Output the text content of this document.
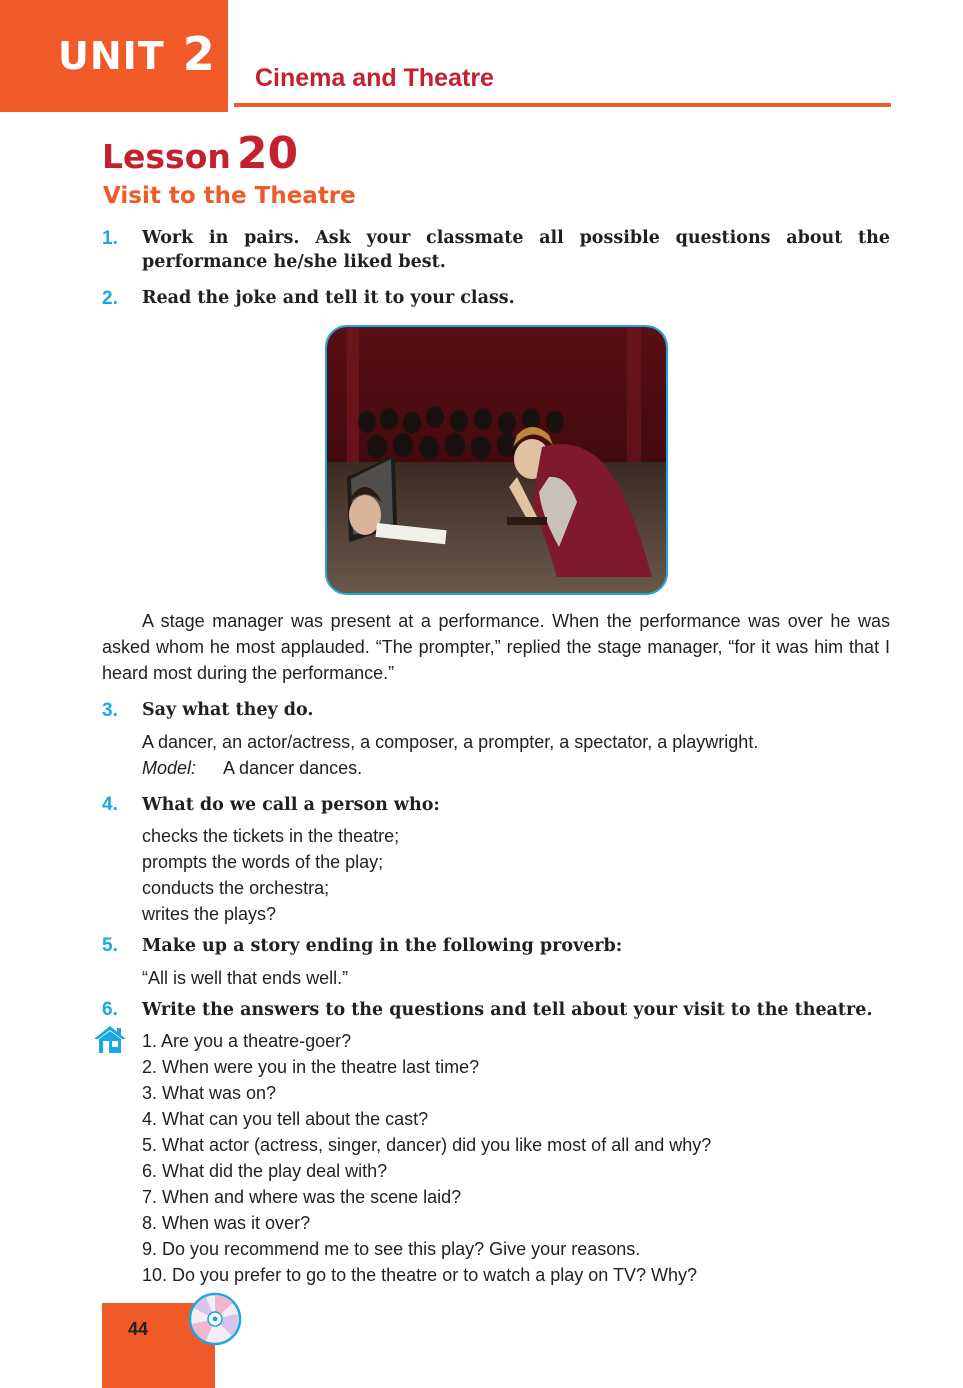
UNIT 2 Cinema and Theatre
Lesson 20
Visit to the Theatre
1. Work in pairs. Ask your classmate all possible questions about the performance he/she liked best.
2. Read the joke and tell it to your class.
A stage manager was present at a performance. When the performance was over he was asked whom he most applauded. “The prompter,” replied the stage manager, “for it was him that I heard most during the performance.”
3. Say what they do.
A dancer, an actor/actress, a composer, a prompter, a spectator, a playwright.
Model: A dancer dances.
4. What do we call a person who:
checks the tickets in the theatre;
prompts the words of the play;
conducts the orchestra;
writes the plays?
5. Make up a story ending in the following proverb:
“All is well that ends well.”
6. Write the answers to the questions and tell about your visit to the theatre.
1. Are you a theatre-goer?
2. When were you in the theatre last time?
3. What was on?
4. What can you tell about the cast?
5. What actor (actress, singer, dancer) did you like most of all and why?
6. What did the play deal with?
7. When and where was the scene laid?
8. When was it over?
9. Do you recommend me to see this play? Give your reasons.
10. Do you prefer to go to the theatre or to watch a play on TV? Why?
44
